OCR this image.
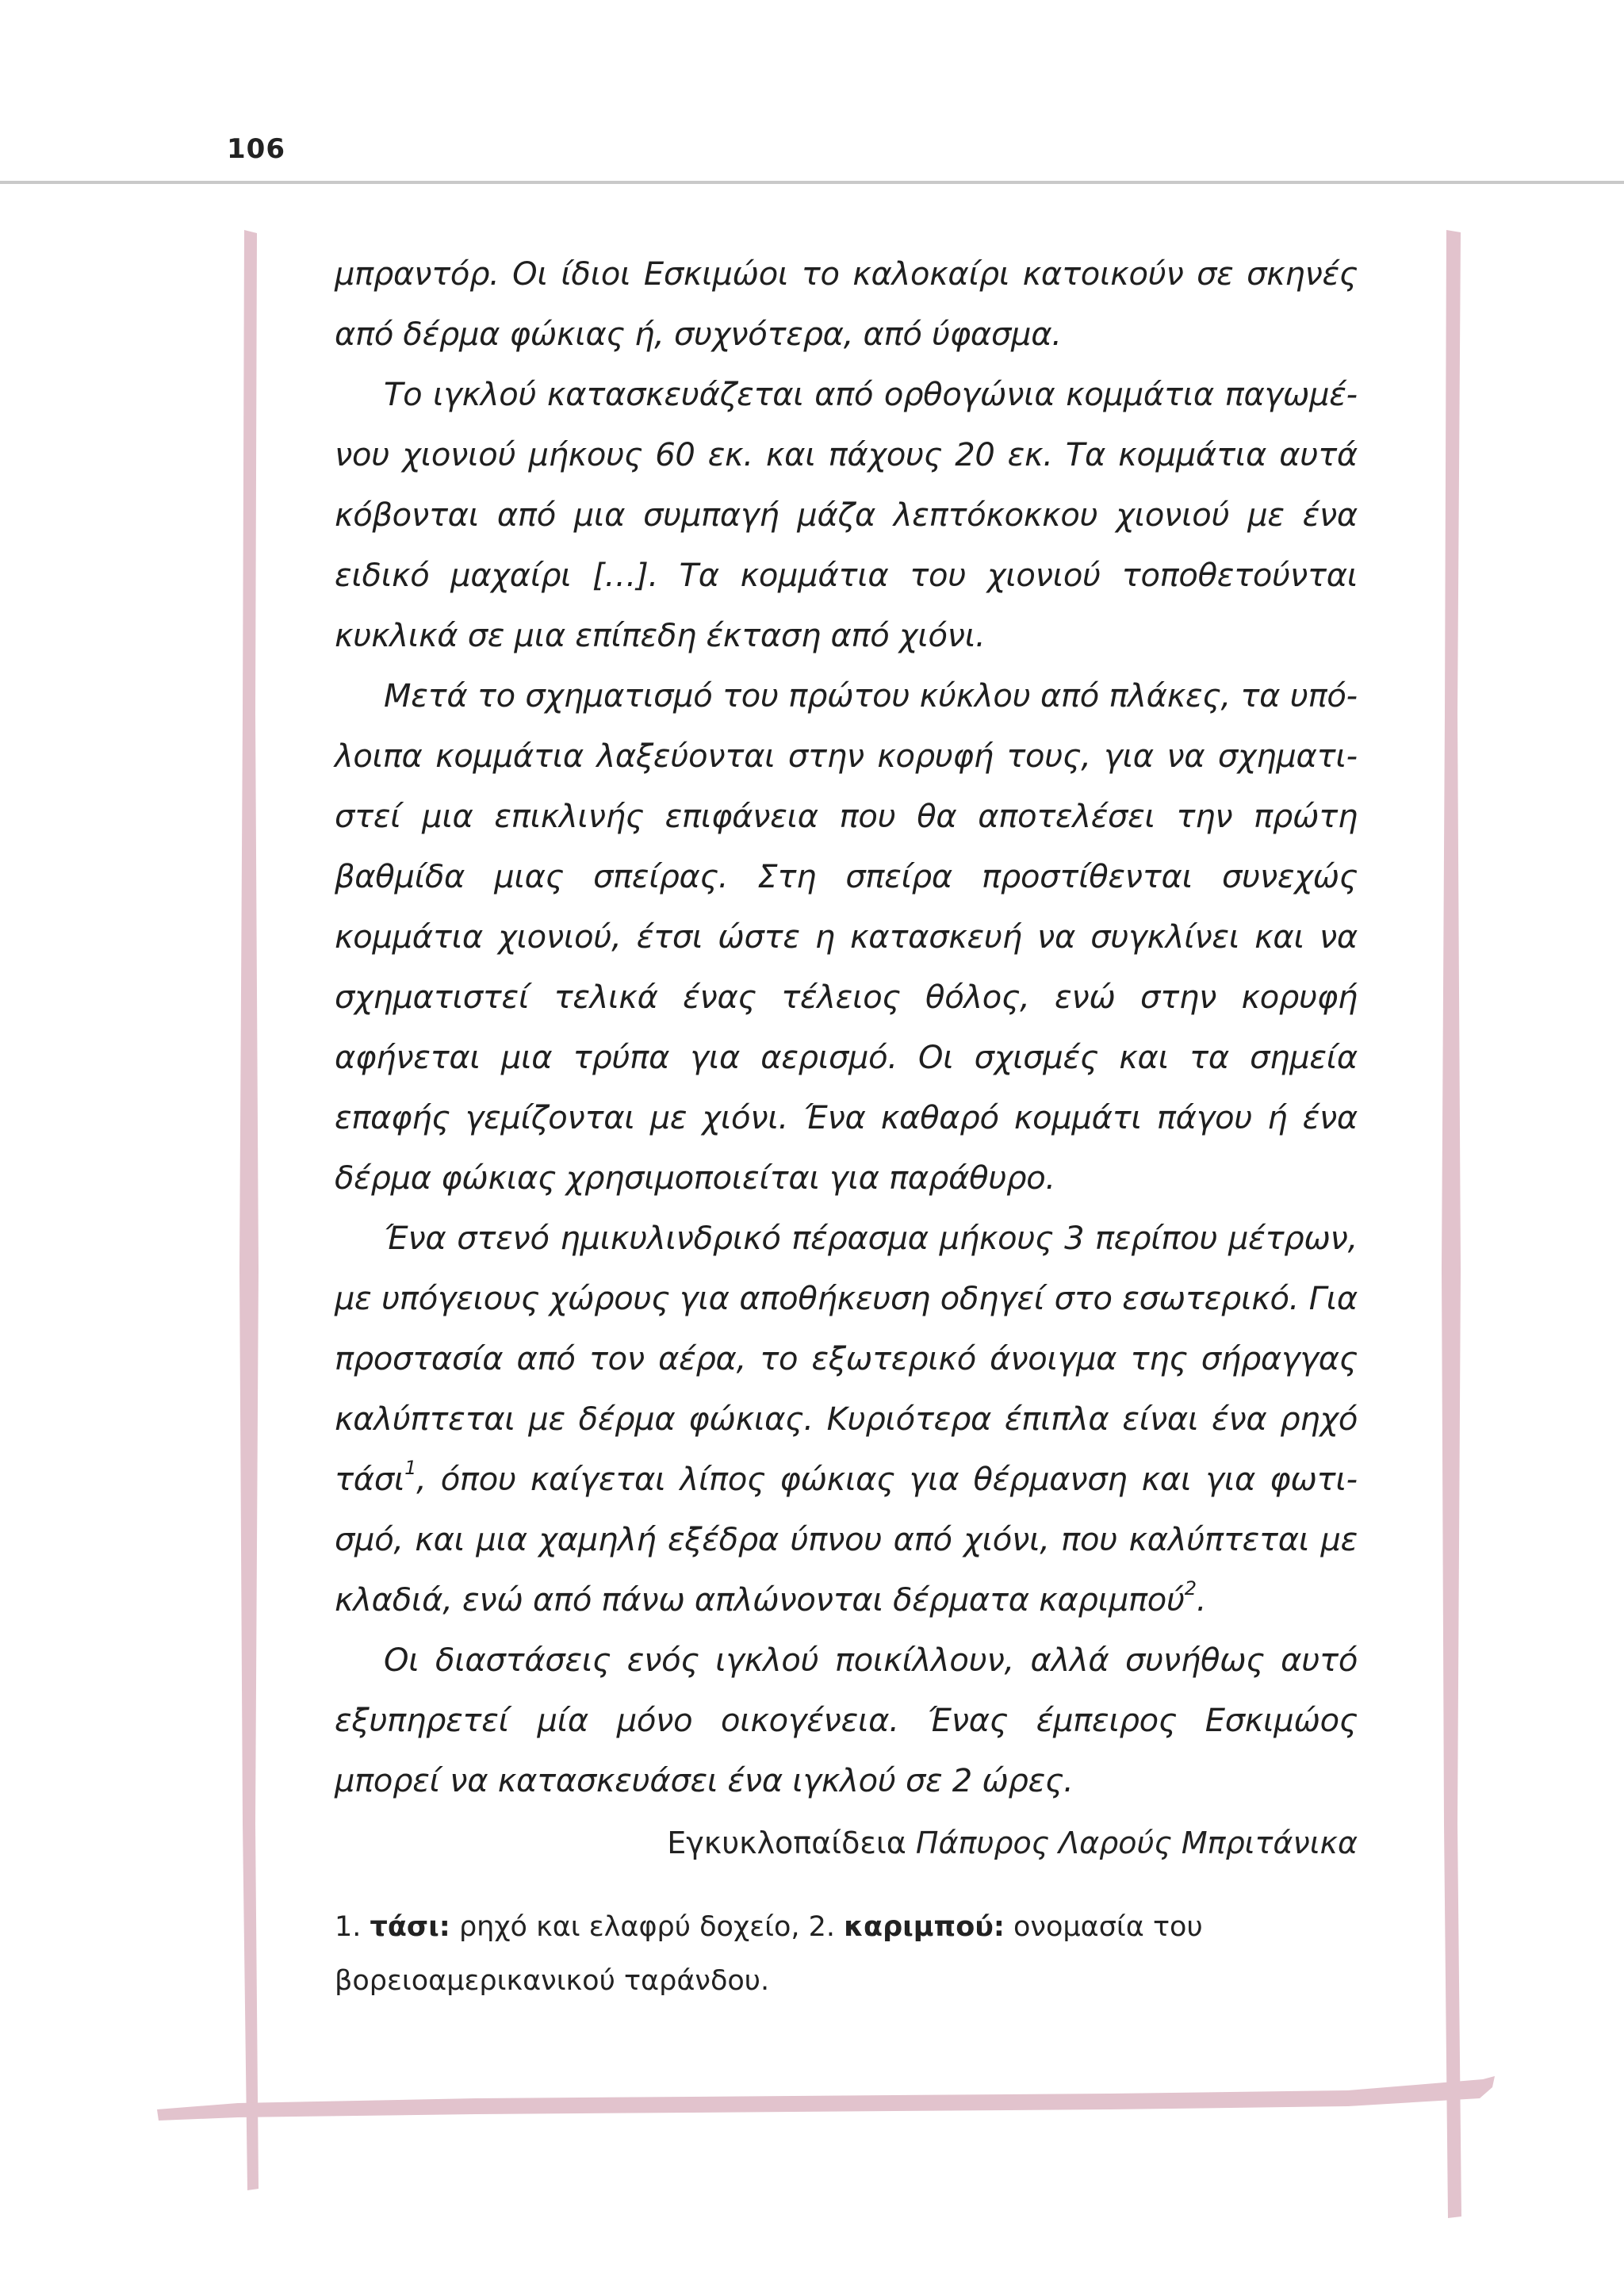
106

μπραντόρ. Οι ίδιοι Εσκιμώοι το καλοκαίρι κατοικούν σε σκηνές από δέρμα φώκιας ή, συχνότερα, από ύφασμα.

Το ιγκλού κατασκευάζεται από ορθογώνια κομμάτια παγωμένου χιονιού μήκους 60 εκ. και πάχους 20 εκ. Τα κομμάτια αυτά κόβονται από μια συμπαγή μάζα λεπτόκοκκου χιονιού με ένα ειδικό μαχαίρι […]. Τα κομμάτια του χιονιού τοποθετούνται κυκλικά σε μια επίπεδη έκταση από χιόνι.

Μετά το σχηματισμό του πρώτου κύκλου από πλάκες, τα υπόλοιπα κομμάτια λαξεύονται στην κορυφή τους, για να σχηματιστεί μια επικλινής επιφάνεια που θα αποτελέσει την πρώτη βαθμίδα μιας σπείρας. Στη σπείρα προστίθενται συνεχώς κομμάτια χιονιού, έτσι ώστε η κατασκευή να συγκλίνει και να σχηματιστεί τελικά ένας τέλειος θόλος, ενώ στην κορυφή αφήνεται μια τρύπα για αερισμό. Οι σχισμές και τα σημεία επαφής γεμίζονται με χιόνι. Ένα καθαρό κομμάτι πάγου ή ένα δέρμα φώκιας χρησιμοποιείται για παράθυρο.

Ένα στενό ημικυλινδρικό πέρασμα μήκους 3 περίπου μέτρων, με υπόγειους χώρους για αποθήκευση οδηγεί στο εσωτερικό. Για προστασία από τον αέρα, το εξωτερικό άνοιγμα της σήραγγας καλύπτεται με δέρμα φώκιας. Κυριότερα έπιπλα είναι ένα ρηχό τάσι$^1$, όπου καίγεται λίπος φώκιας για θέρμανση και για φωτισμό, και μια χαμηλή εξέδρα ύπνου από χιόνι, που καλύπτεται με κλαδιά, ενώ από πάνω απλώνονται δέρματα καριμπού$^2$.

Οι διαστάσεις ενός ιγκλού ποικίλλουν, αλλά συνήθως αυτό εξυπηρετεί μία μόνο οικογένεια. Ένας έμπειρος Εσκιμώος μπορεί να κατασκευάσει ένα ιγκλού σε 2 ώρες.

Εγκυκλοπαίδεια Πάπυρος Λαρούς Μπριτάνικα
1. τάσι: ρηχό και ελαφρύ δοχείο, 2. καριμπού: ονομασία του βορειοαμερικανικού ταράνδου.
